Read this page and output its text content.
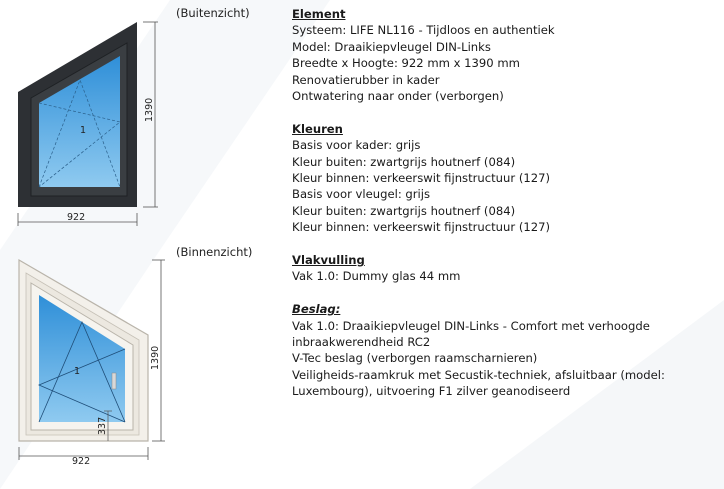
(Buitenzicht)
1
922
1390
(Binnenzicht)
1
337
922
1390
Element
Systeem: LIFE NL116 - Tijdloos en authentiek
Model: Draaikiepvleugel DIN-Links
Breedte x Hoogte: 922 mm x 1390 mm
Renovatierubber in kader
Ontwatering naar onder (verborgen)
Kleuren
Basis voor kader: grijs
Kleur buiten: zwartgrijs houtnerf (084)
Kleur binnen: verkeerswit fijnstructuur (127)
Basis voor vleugel: grijs
Kleur buiten: zwartgrijs houtnerf (084)
Kleur binnen: verkeerswit fijnstructuur (127)
Vlakvulling
Vak 1.0: Dummy glas 44 mm
Beslag:
Vak 1.0: Draaikiepvleugel DIN-Links - Comfort met verhoogde
inbraakwerendheid RC2
V-Tec beslag (verborgen raamscharnieren)
Veiligheids-raamkruk met Secustik-techniek, afsluitbaar (model:
Luxembourg), uitvoering F1 zilver geanodiseerd
